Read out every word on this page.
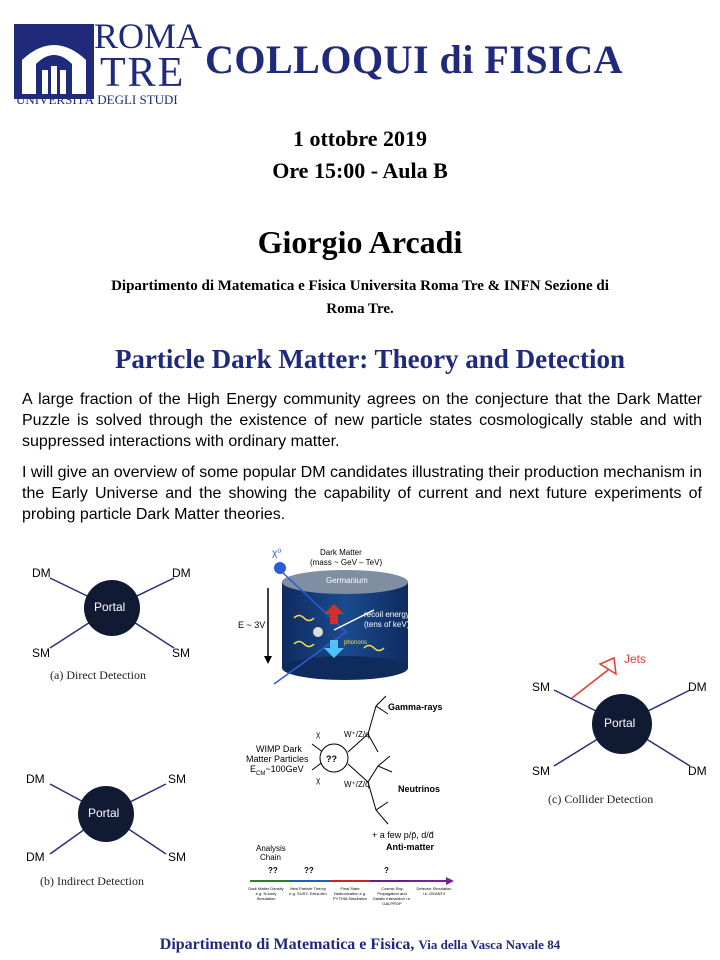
ROMA
TRE
UNIVERSITÀ DEGLI STUDI
COLLOQUI di FISICA
1 ottobre 2019
Ore 15:00 - Aula B
Giorgio Arcadi
Dipartimento di Matematica e Fisica Universita Roma Tre & INFN Sezione di
Roma Tre.
Particle Dark Matter: Theory and Detection
A large fraction of the High Energy community agrees on the conjecture that the Dark Matter Puzzle is solved through the existence of new particle states cosmologically stable and with suppressed interactions with ordinary matter.
I will give an overview of some popular DM candidates illustrating their production mechanism in the Early Universe and the showing the capability of current and next future experiments of probing particle Dark Matter theories.
Portal
DM	DM
SM	SM
(a) Direct Detection
χ⁰	Dark Matter
(mass ~ GeV – TeV)
Germanium
E ~ 3V
recoil energy
(tens of keV)
phonons
Jets
Portal
SM	DM
SM	DM
(c) Collider Detection
WIMP Dark
Matter Particles
$E_{CM}\sim 100GeV$
χ
χ
??
W⁺/Z/q
W⁺/Z/q̄
Gamma-rays
Neutrinos
+ a few p/p̄, d/d̄
Anti-matter
Analysis
Chain
??	??	?
Dark Matter Density e.g. N-body Simulation
New Particle Theory e.g. SUSY, Extra-dim
Final State Hadronization e.g. PYTHIA Simulation
Cosmic Ray Propagation and Galatic Interaction i.e. GALPROP
Detector Simulation i.e. GEANT4
Portal
DM	SM
DM	SM
(b) Indirect Detection
Dipartimento di Matematica e Fisica, Via della Vasca Navale 84
